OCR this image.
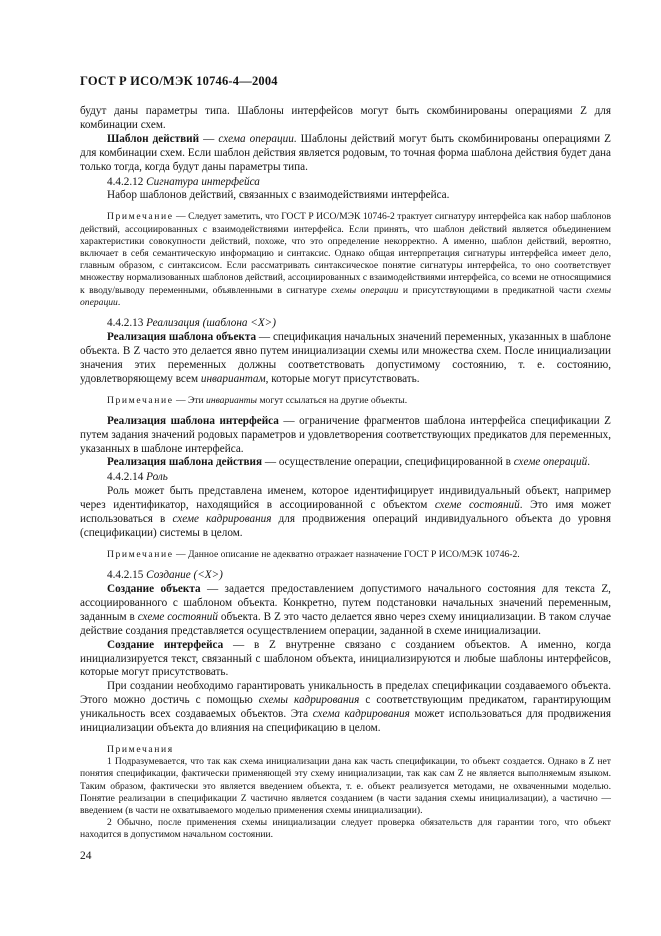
ГОСТ Р ИСО/МЭК 10746-4—2004

будут даны параметры типа. Шаблоны интерфейсов могут быть скомбинированы операциями Z для комбинации схем.

Шаблон действий — схема операции. Шаблоны действий могут быть скомбинированы операциями Z для комбинации схем. Если шаблон действия является родовым, то точная форма шаблона действия будет дана только тогда, когда будут даны параметры типа.

4.4.2.12 Сигнатура интерфейса

Набор шаблонов действий, связанных с взаимодействиями интерфейса.

Примечание — Следует заметить, что ГОСТ Р ИСО/МЭК 10746-2 трактует сигнатуру интерфейса как набор шаблонов действий, ассоциированных с взаимодействиями интерфейса. Если принять, что шаблон действий является объединением характеристики совокупности действий, похоже, что это определение некорректно. А именно, шаблон действий, вероятно, включает в себя семантическую информацию и синтаксис. Однако общая интерпретация сигнатуры интерфейса имеет дело, главным образом, с синтаксисом. Если рассматривать синтаксическое понятие сигнатуры интерфейса, то оно соответствует множеству нормализованных шаблонов действий, ассоциированных с взаимодействиями интерфейса, со всеми не относящимися к вводу/выводу переменными, объявленными в сигнатуре схемы операции и присутствующими в предикатной части схемы операции.

4.4.2.13 Реализация (шаблона <X>)

Реализация шаблона объекта — спецификация начальных значений переменных, указанных в шаблоне объекта. В Z часто это делается явно путем инициализации схемы или множества схем. После инициализации значения этих переменных должны соответствовать допустимому состоянию, т. е. состоянию, удовлетворяющему всем инвариантам, которые могут присутствовать.

Примечание — Эти инварианты могут ссылаться на другие объекты.

Реализация шаблона интерфейса — ограничение фрагментов шаблона интерфейса спецификации Z путем задания значений родовых параметров и удовлетворения соответствующих предикатов для переменных, указанных в шаблоне интерфейса.

Реализация шаблона действия — осуществление операции, специфицированной в схеме операций.

4.4.2.14 Роль

Роль может быть представлена именем, которое идентифицирует индивидуальный объект, например через идентификатор, находящийся в ассоциированной с объектом схеме состояний. Это имя может использоваться в схеме кадрирования для продвижения операций индивидуального объекта до уровня (спецификации) системы в целом.

Примечание — Данное описание не адекватно отражает назначение ГОСТ Р ИСО/МЭК 10746-2.

4.4.2.15 Создание (<X>)

Создание объекта — задается предоставлением допустимого начального состояния для текста Z, ассоциированного с шаблоном объекта. Конкретно, путем подстановки начальных значений переменным, заданным в схеме состояний объекта. В Z это часто делается явно через схему инициализации. В таком случае действие создания представляется осуществлением операции, заданной в схеме инициализации.

Создание интерфейса — в Z внутренне связано с созданием объектов. А именно, когда инициализируется текст, связанный с шаблоном объекта, инициализируются и любые шаблоны интерфейсов, которые могут присутствовать.

При создании необходимо гарантировать уникальность в пределах спецификации создаваемого объекта. Этого можно достичь с помощью схемы кадрирования с соответствующим предикатом, гарантирующим уникальность всех создаваемых объектов. Эта схема кадрирования может использоваться для продвижения инициализации объекта до влияния на спецификацию в целом.

Примечания

1 Подразумевается, что так как схема инициализации дана как часть спецификации, то объект создается. Однако в Z нет понятия спецификации, фактически применяющей эту схему инициализации, так как сам Z не является выполняемым языком. Таким образом, фактически это является введением объекта, т. е. объект реализуется методами, не охваченными моделью. Понятие реализации в спецификации Z частично является созданием (в части задания схемы инициализации), а частично — введением (в части не охватываемого моделью применения схемы инициализации).

2 Обычно, после применения схемы инициализации следует проверка обязательств для гарантии того, что объект находится в допустимом начальном состоянии.

24
